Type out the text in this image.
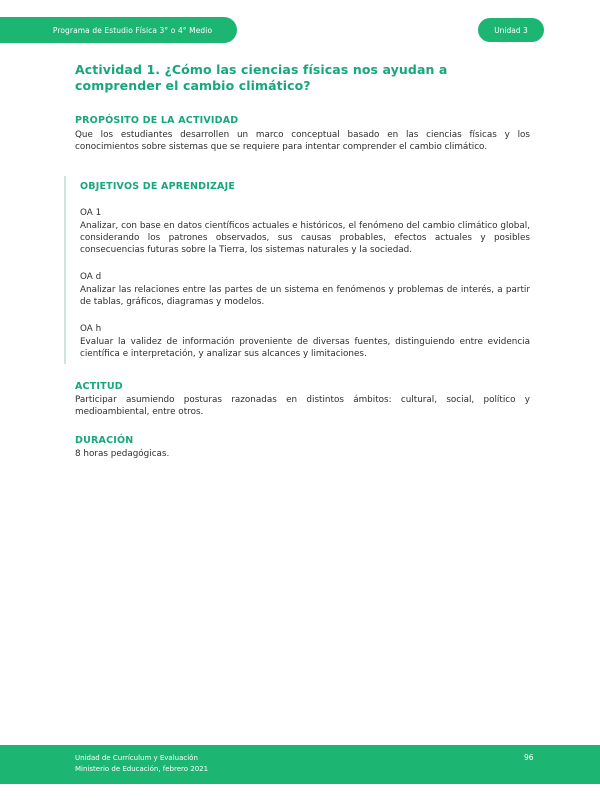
Programa de Estudio Física 3° o 4° Medio	Unidad 3
Actividad 1. ¿Cómo las ciencias físicas nos ayudan a comprender el cambio climático?
PROPÓSITO DE LA ACTIVIDAD
Que los estudiantes desarrollen un marco conceptual basado en las ciencias físicas y los conocimientos sobre sistemas que se requiere para intentar comprender el cambio climático.
OBJETIVOS DE APRENDIZAJE
OA 1
Analizar, con base en datos científicos actuales e históricos, el fenómeno del cambio climático global, considerando los patrones observados, sus causas probables, efectos actuales y posibles consecuencias futuras sobre la Tierra, los sistemas naturales y la sociedad.
OA d
Analizar las relaciones entre las partes de un sistema en fenómenos y problemas de interés, a partir de tablas, gráficos, diagramas y modelos.
OA h
Evaluar la validez de información proveniente de diversas fuentes, distinguiendo entre evidencia científica e interpretación, y analizar sus alcances y limitaciones.
ACTITUD
Participar asumiendo posturas razonadas en distintos ámbitos: cultural, social, político y medioambiental, entre otros.
DURACIÓN
8 horas pedagógicas.
Unidad de Currículum y Evaluación
Ministerio de Educación, febrero 2021
96
